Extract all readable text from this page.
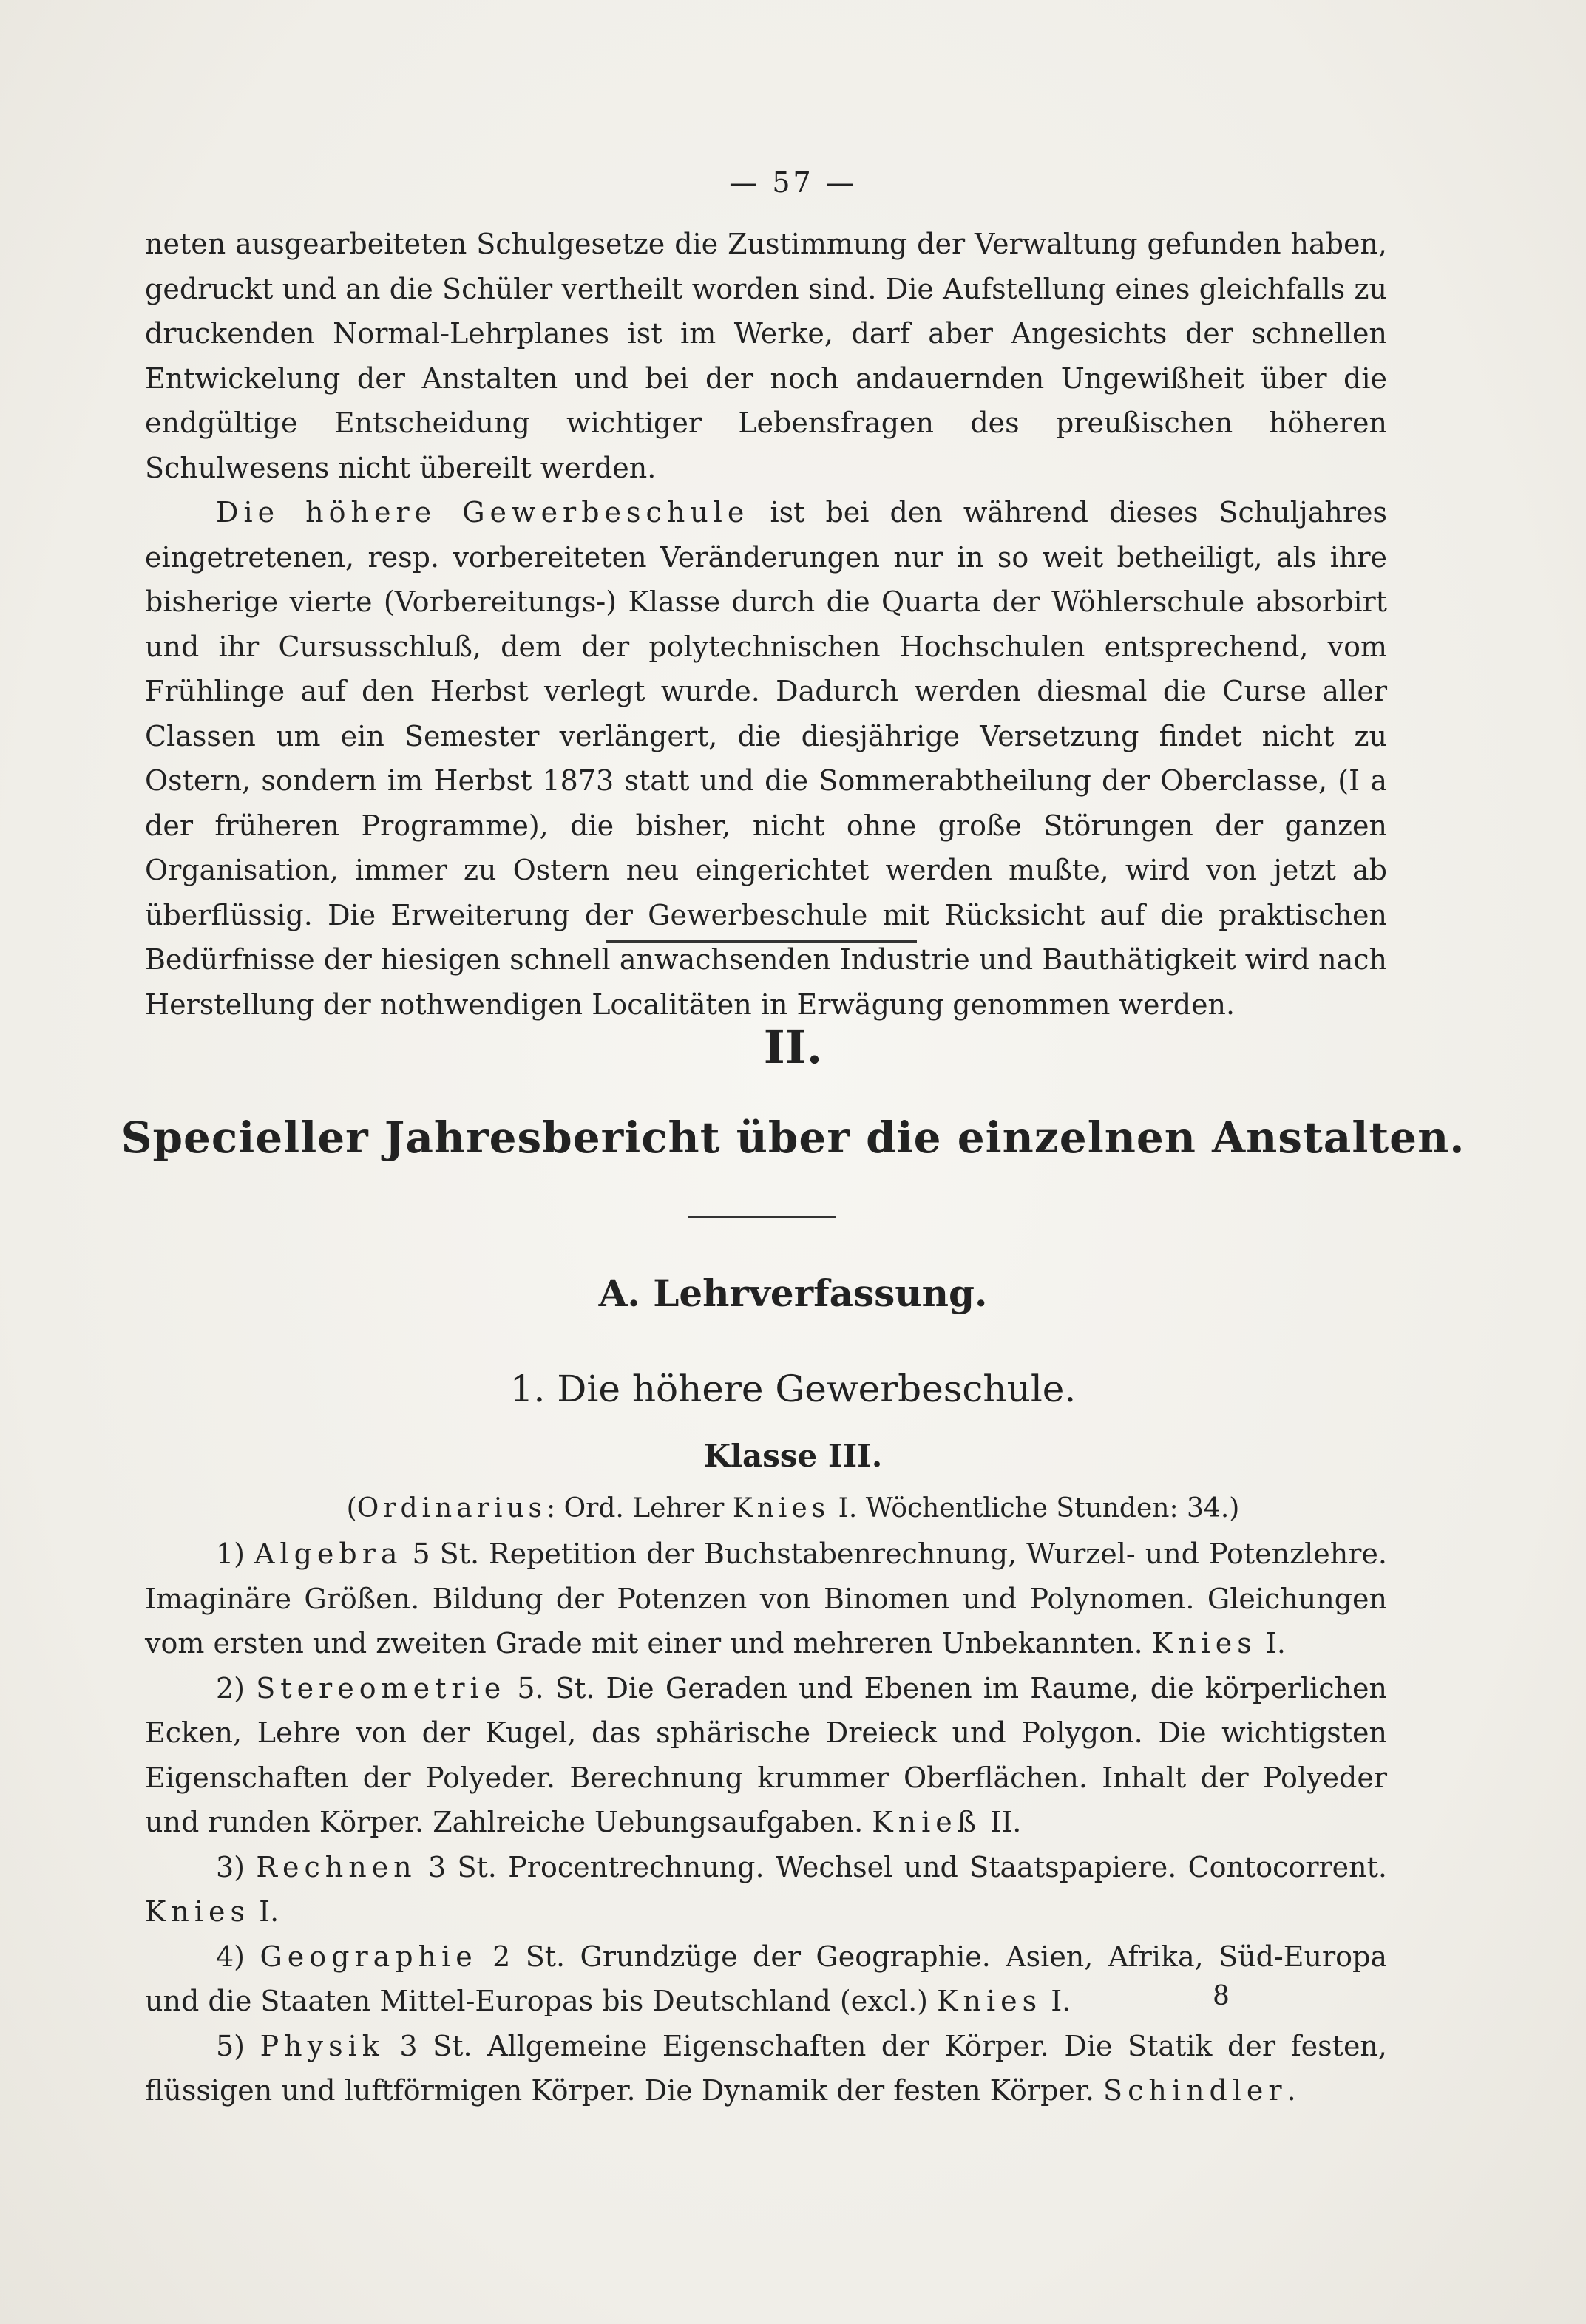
— 57 —

neten ausgearbeiteten Schulgesetze die Zustimmung der Verwaltung gefunden haben, gedruckt und an die Schüler vertheilt worden sind. Die Aufstellung eines gleichfalls zu druckenden Normal-Lehrplanes ist im Werke, darf aber Angesichts der schnellen Entwickelung der Anstalten und bei der noch andauernden Ungewißheit über die endgültige Entscheidung wichtiger Lebensfragen des preußischen höheren Schulwesens nicht übereilt werden.

Die höhere Gewerbeschule ist bei den während dieses Schuljahres eingetretenen, resp. vorbereiteten Veränderungen nur in so weit betheiligt, als ihre bisherige vierte (Vorbereitungs-) Klasse durch die Quarta der Wöhlerschule absorbirt und ihr Cursusschluß, dem der polytechnischen Hochschulen entsprechend, vom Frühlinge auf den Herbst verlegt wurde. Dadurch werden diesmal die Curse aller Classen um ein Semester verlängert, die diesjährige Versetzung findet nicht zu Ostern, sondern im Herbst 1873 statt und die Sommerabtheilung der Oberclasse, (I a der früheren Programme), die bisher, nicht ohne große Störungen der ganzen Organisation, immer zu Ostern neu eingerichtet werden mußte, wird von jetzt ab überflüssig. Die Erweiterung der Gewerbeschule mit Rücksicht auf die praktischen Bedürfnisse der hiesigen schnell anwachsenden Industrie und Bauthätigkeit wird nach Herstellung der nothwendigen Localitäten in Erwägung genommen werden.

II.
Specieller Jahresbericht über die einzelnen Anstalten.
A. Lehrverfassung.
1. Die höhere Gewerbeschule.
Klasse III.
(Ordinarius: Ord. Lehrer Knies I. Wöchentliche Stunden: 34.)

1) Algebra 5 St. Repetition der Buchstabenrechnung, Wurzel- und Potenzlehre. Imaginäre Größen. Bildung der Potenzen von Binomen und Polynomen. Gleichungen vom ersten und zweiten Grade mit einer und mehreren Unbekannten. Knies I.

2) Stereometrie 5. St. Die Geraden und Ebenen im Raume, die körperlichen Ecken, Lehre von der Kugel, das sphärische Dreieck und Polygon. Die wichtigsten Eigenschaften der Polyeder. Berechnung krummer Oberflächen. Inhalt der Polyeder und runden Körper. Zahlreiche Uebungsaufgaben. Knieß II.

3) Rechnen 3 St. Procentrechnung. Wechsel und Staatspapiere. Contocorrent. Knies I.

4) Geographie 2 St. Grundzüge der Geographie. Asien, Afrika, Süd-Europa und die Staaten Mittel-Europas bis Deutschland (excl.) Knies I.

5) Physik 3 St. Allgemeine Eigenschaften der Körper. Die Statik der festen, flüssigen und luftförmigen Körper. Die Dynamik der festen Körper. Schindler.

8
